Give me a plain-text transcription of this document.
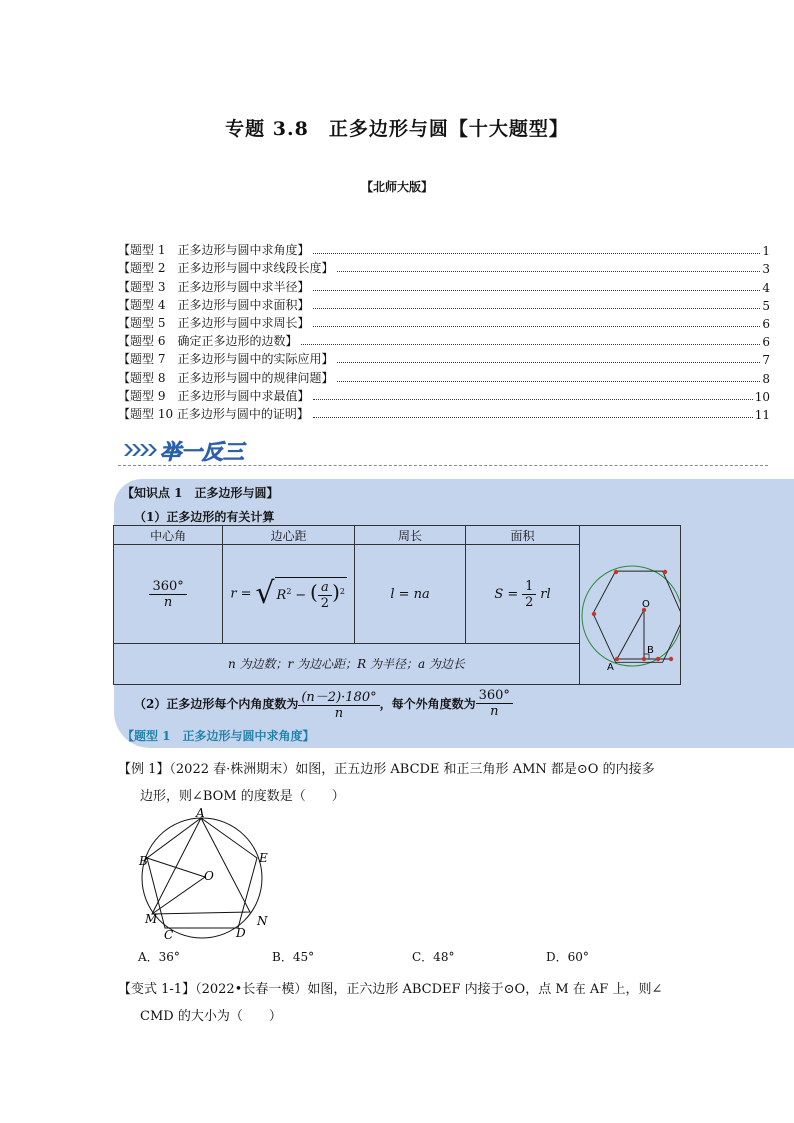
专题 3.8　正多边形与圆【十大题型】
【北师大版】
【题型 1　正多边形与圆中求角度】	1
【题型 2　正多边形与圆中求线段长度】	3
【题型 3　正多边形与圆中求半径】	4
【题型 4　正多边形与圆中求面积】	5
【题型 5　正多边形与圆中求周长】	6
【题型 6　确定正多边形的边数】	6
【题型 7　正多边形与圆中的实际应用】	7
【题型 8　正多边形与圆中的规律问题】	8
【题型 9　正多边形与圆中求最值】	10
【题型 10 正多边形与圆中的证明】	11
举一反三
【知识点 1　正多边形与圆】
（1）正多边形的有关计算
中心角	边心距	周长	面积	O
A
B

$\frac{360^\circ}{n}$	r = √ $R^2$ − ( $\frac{a}{2} )^2$	l = na	$S = \frac{1}{2}$ rl	
n 为边数；r 为边心距；R 为半径；a 为边长				
（2）正多边形每个内角度数为 $\frac{(n-2)\cdot 180^\circ}{n}$ ，每个外角度数为 $\frac{360^\circ}{n}$
【题型 1　正多边形与圆中求角度】
【例 1】（2022 春·株洲期末）如图，正五边形 ABCDE 和正三角形 AMN 都是⊙O 的内接多
边形，则∠BOM 的度数是（　　）
A
B	E
O
M	N
C	D
A．36°	B．45°	C．48°	D．60°
【变式 1-1】（2022•长春一模）如图，正六边形 ABCDEF 内接于⊙O，点 M 在 AF 上，则∠
CMD 的大小为（　　）
